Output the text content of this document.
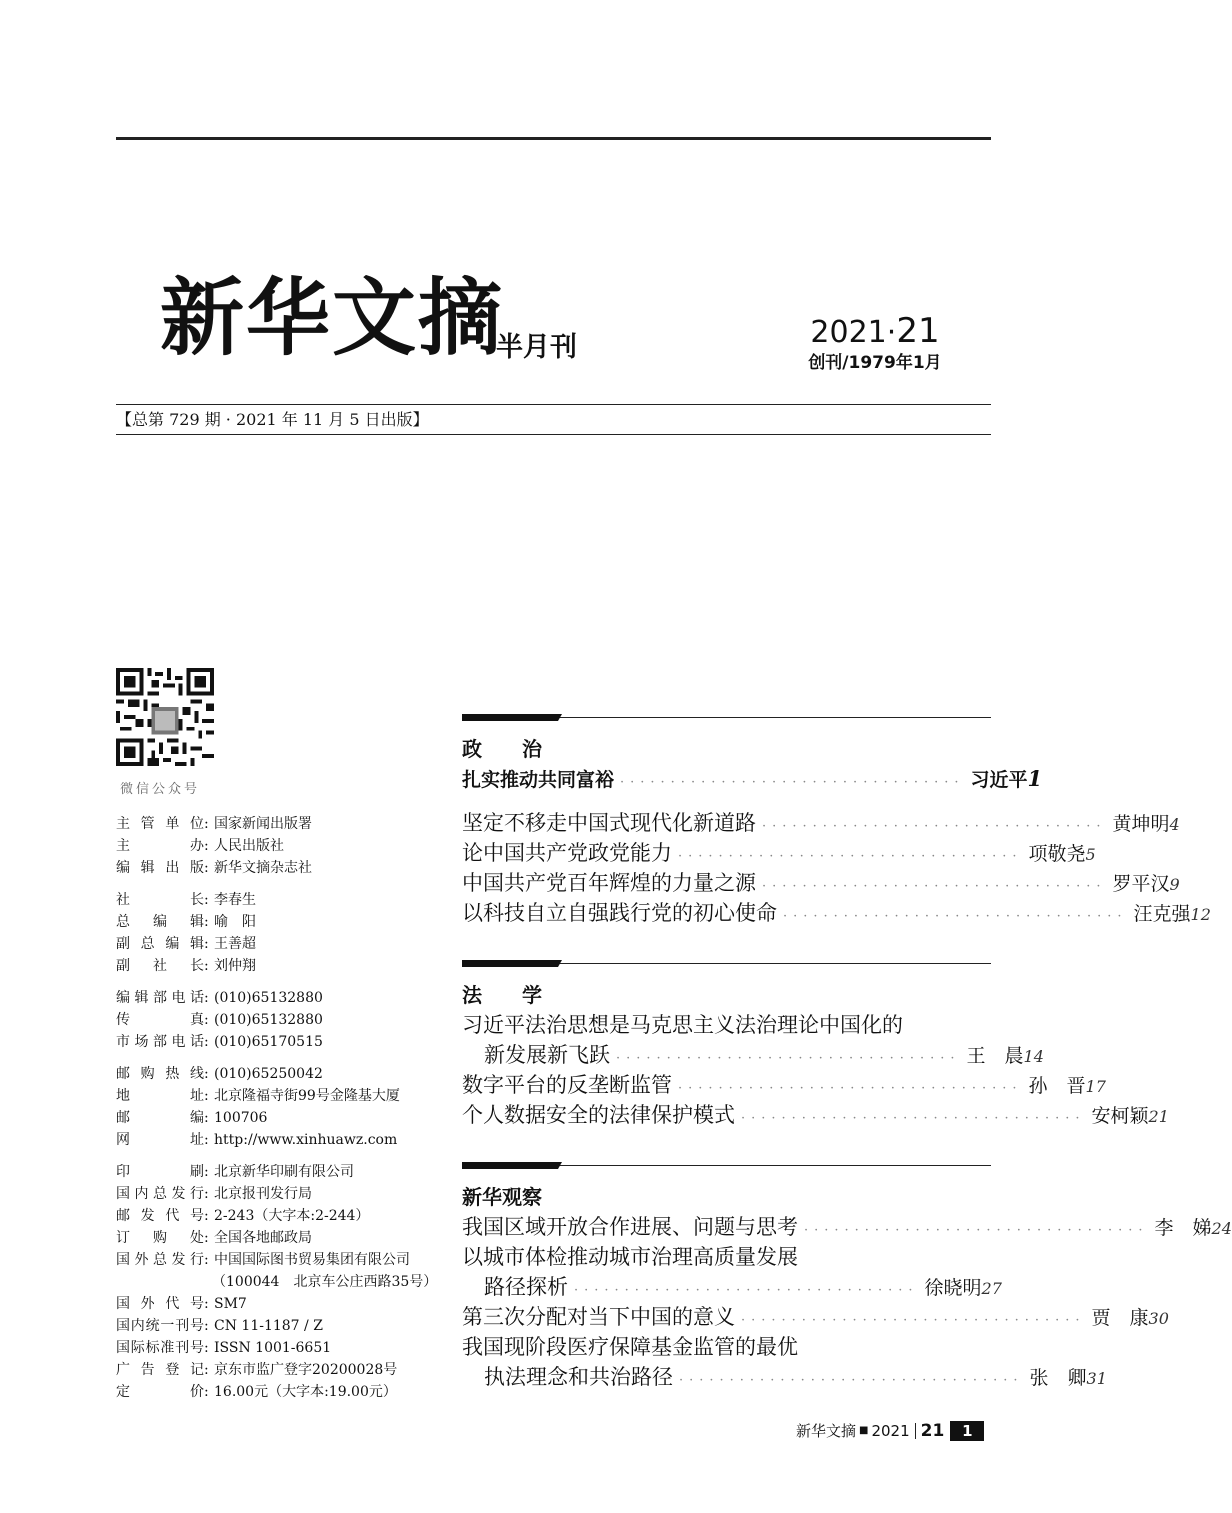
新华文摘
半月刊	2021·21
创刊/1979年1月
【总第 729 期 · 2021 年 11 月 5 日出版】
微信公众号
主管单位 : 国家新闻出版署
主办 : 人民出版社
编辑出版 : 新华文摘杂志社
社长 : 李春生
总编辑 : 喻　阳
副总编辑 : 王善超
副社长 : 刘仲翔
编辑部电话 : (010)65132880
传真 : (010)65132880
市场部电话 : (010)65170515
邮购热线 : (010)65250042
地址 : 北京隆福寺街99号金隆基大厦
邮编 : 100706
网址 : http://www.xinhuawz.com
印刷 : 北京新华印刷有限公司
国内总发行 : 北京报刊发行局
邮发代号 : 2-243（大字本:2-244）
订购处 : 全国各地邮政局
国外总发行 : 中国国际图书贸易集团有限公司
（100044　北京车公庄西路35号）
国外代号 : SM7
国内统一刊号 : CN 11-1187 / Z
国际标准刊号 : ISSN 1001-6651
广告登记 : 京东市监广登字20200028号
定价 : 16.00元（大字本:19.00元）
政　　治
扎实推动共同富裕 ·································· 习近平 1
坚定不移走中国式现代化新道路 ·································· 黄坤明 4
论中国共产党政党能力 ·································· 项敬尧 5
中国共产党百年辉煌的力量之源 ·································· 罗平汉 9
以科技自立自强践行党的初心使命 ·································· 汪克强 12
法　　学
习近平法治思想是马克思主义法治理论中国化的
新发展新飞跃 ·································· 王　晨 14
数字平台的反垄断监管 ·································· 孙　晋 17
个人数据安全的法律保护模式 ·································· 安柯颖 21
新华观察
我国区域开放合作进展、问题与思考 ·································· 李　娣 24
以城市体检推动城市治理高质量发展
路径探析 ·································· 徐晓明 27
第三次分配对当下中国的意义 ·································· 贾　康 30
我国现阶段医疗保障基金监管的最优
执法理念和共治路径 ·································· 张　卿 31
新华文摘 ■ 2021 21	1
